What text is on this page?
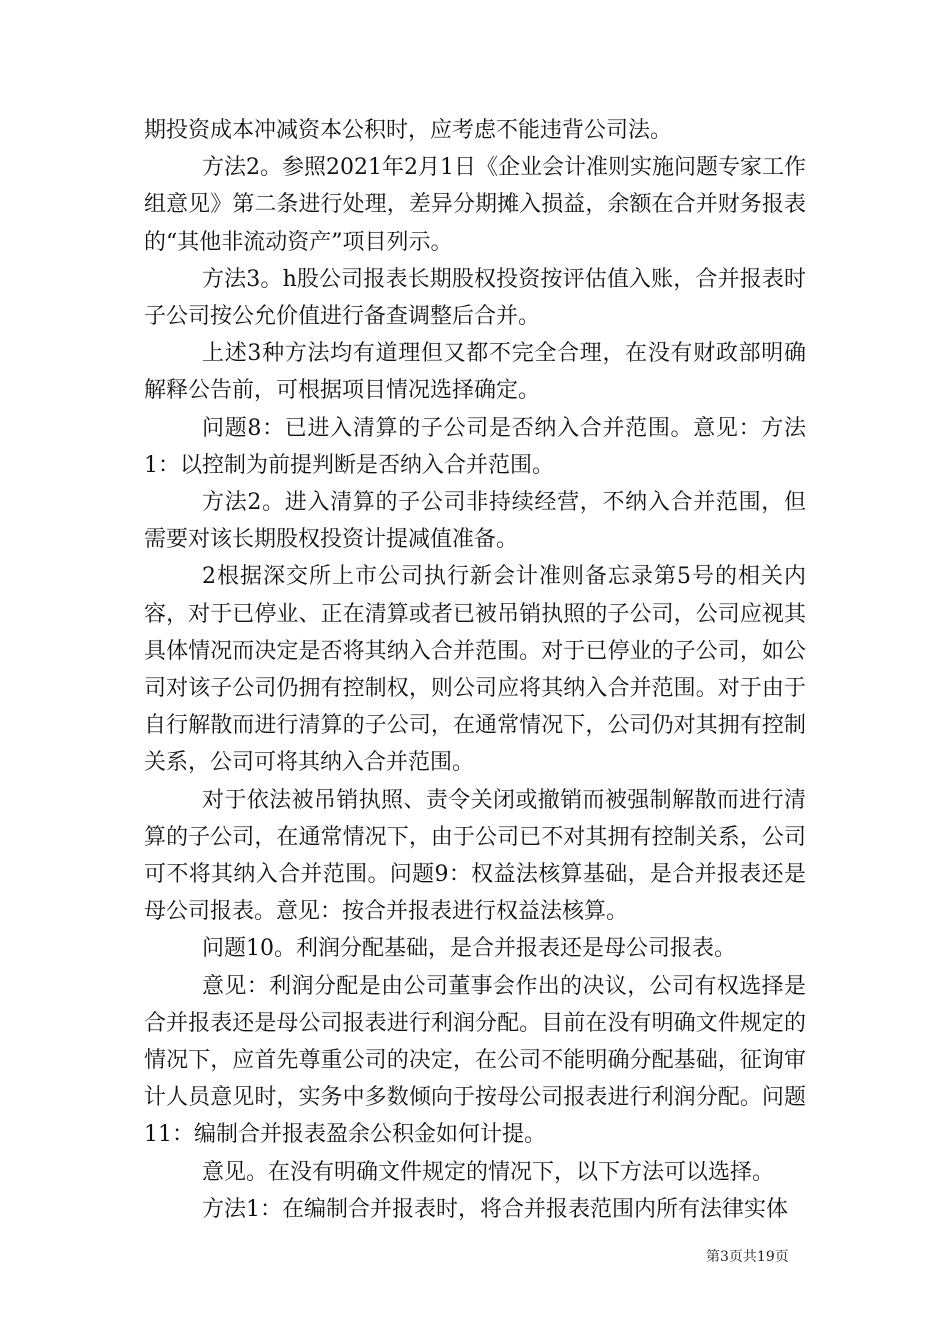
期投资成本冲减资本公积时，应考虑不能违背公司法。

方法2。参照2021年2月1日《企业会计准则实施问题专家工作组意见》第二条进行处理，差异分期摊入损益，余额在合并财务报表的“其他非流动资产”项目列示。

方法3。h股公司报表长期股权投资按评估值入账，合并报表时子公司按公允价值进行备查调整后合并。

上述3种方法均有道理但又都不完全合理，在没有财政部明确解释公告前，可根据项目情况选择确定。

问题8：已进入清算的子公司是否纳入合并范围。意见：方法1：以控制为前提判断是否纳入合并范围。

方法2。进入清算的子公司非持续经营，不纳入合并范围，但需要对该长期股权投资计提减值准备。

2根据深交所上市公司执行新会计准则备忘录第5号的相关内容，对于已停业、正在清算或者已被吊销执照的子公司，公司应视其具体情况而决定是否将其纳入合并范围。对于已停业的子公司，如公司对该子公司仍拥有控制权，则公司应将其纳入合并范围。对于由于自行解散而进行清算的子公司，在通常情况下，公司仍对其拥有控制关系，公司可将其纳入合并范围。

对于依法被吊销执照、责令关闭或撤销而被强制解散而进行清算的子公司，在通常情况下，由于公司已不对其拥有控制关系，公司可不将其纳入合并范围。问题9：权益法核算基础，是合并报表还是母公司报表。意见：按合并报表进行权益法核算。

问题10。利润分配基础，是合并报表还是母公司报表。

意见：利润分配是由公司董事会作出的决议，公司有权选择是合并报表还是母公司报表进行利润分配。目前在没有明确文件规定的情况下，应首先尊重公司的决定，在公司不能明确分配基础，征询审计人员意见时，实务中多数倾向于按母公司报表进行利润分配。问题11：编制合并报表盈余公积金如何计提。

意见。在没有明确文件规定的情况下，以下方法可以选择。

方法1：在编制合并报表时，将合并报表范围内所有法律实体

第3页共19页
